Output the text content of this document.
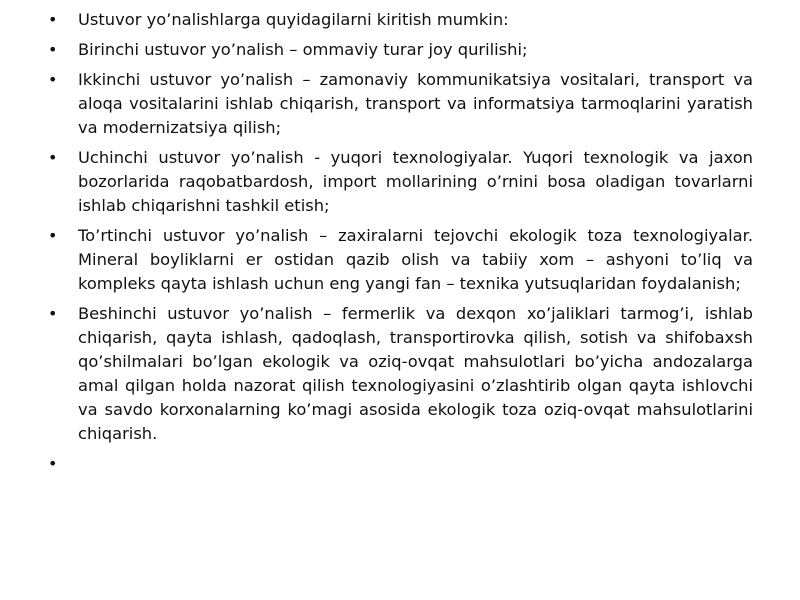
•	Ustuvor yo’nalishlarga quyidagilarni kiritish mumkin:
•	Birinchi ustuvor yo’nalish – ommaviy turar joy qurilishi;
•	Ikkinchi ustuvor yo’nalish – zamonaviy kommunikatsiya vositalari, transport va aloqa vositalarini ishlab chiqarish, transport va informatsiya tarmoqlarini yaratish va modernizatsiya qilish;
•	Uchinchi ustuvor yo’nalish - yuqori texnologiyalar. Yuqori texnologik va jaxon bozorlarida raqobatbardosh, import mollarining o’rnini bosa oladigan tovarlarni ishlab chiqarishni tashkil etish;
•	To’rtinchi ustuvor yo’nalish – zaxiralarni tejovchi ekologik toza texnologiyalar. Mineral boyliklarni er ostidan qazib olish va tabiiy xom – ashyoni to’liq va kompleks qayta ishlash uchun eng yangi fan – texnika yutsuqlaridan foydalanish;
•	Beshinchi ustuvor yo’nalish – fermerlik va dexqon xo’jaliklari tarmog’i, ishlab chiqarish, qayta ishlash, qadoqlash, transportirovka qilish, sotish va shifobaxsh qo’shilmalari bo’lgan ekologik va oziq-ovqat mahsulotlari bo’yicha andozalarga amal qilgan holda nazorat qilish texnologiyasini o’zlashtirib olgan qayta ishlovchi va savdo korxonalarning ko’magi asosida ekologik toza oziq-ovqat mahsulotlarini chiqarish.
•
